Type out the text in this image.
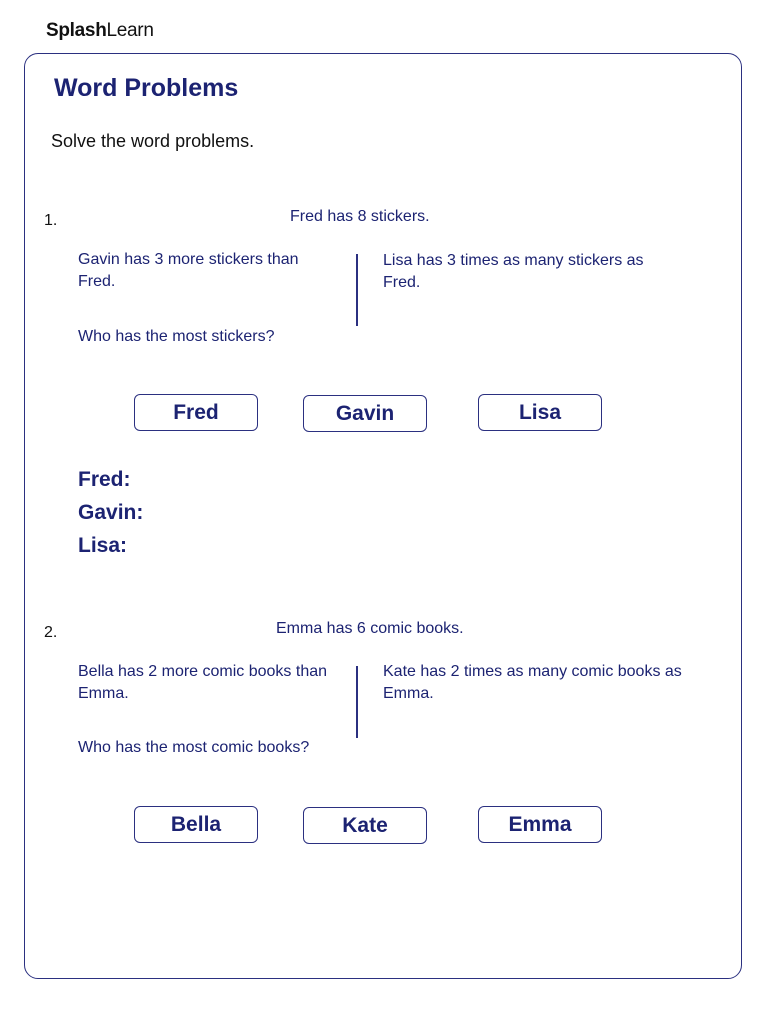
SplashLearn
Word Problems
Solve the word problems.
1.	Fred has 8 stickers.
Gavin has 3 more stickers than Fred.
Lisa has 3 times as many stickers as Fred.
Who has the most stickers?
Fred	Gavin	Lisa
Fred:
Gavin:
Lisa:
2.	Emma has 6 comic books.
Bella has 2 more comic books than Emma.
Kate has 2 times as many comic books as Emma.
Who has the most comic books?
Bella	Kate	Emma
